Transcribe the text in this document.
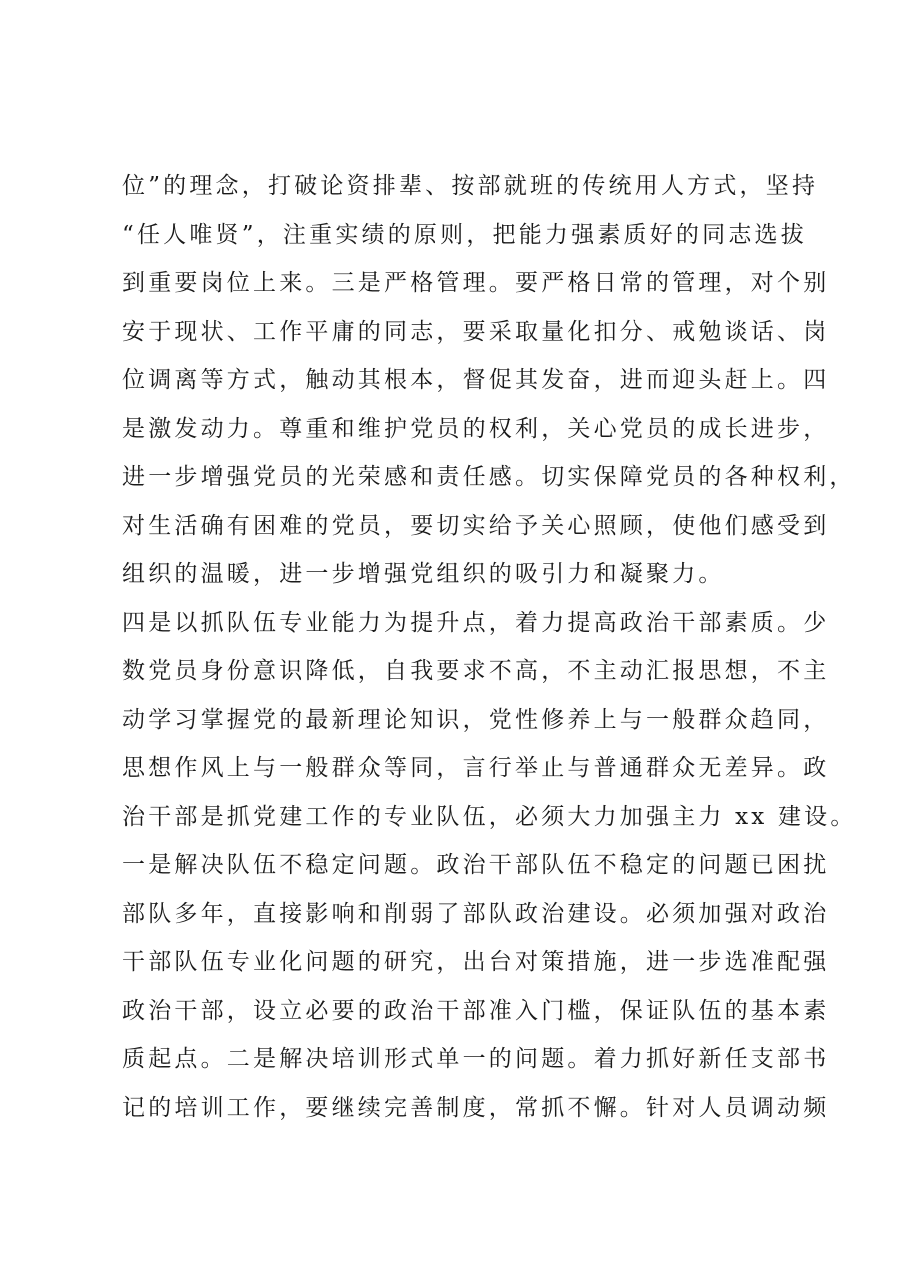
位”的理念，打破论资排辈、按部就班的传统用人方式，坚持
“任人唯贤”，注重实绩的原则，把能力强素质好的同志选拔
到重要岗位上来。三是严格管理。要严格日常的管理，对个别
安于现状、工作平庸的同志，要采取量化扣分、戒勉谈话、岗
位调离等方式，触动其根本，督促其发奋，进而迎头赶上。四
是激发动力。尊重和维护党员的权利，关心党员的成长进步，
进一步增强党员的光荣感和责任感。切实保障党员的各种权利，
对生活确有困难的党员，要切实给予关心照顾，使他们感受到
组织的温暖，进一步增强党组织的吸引力和凝聚力。
四是以抓队伍专业能力为提升点，着力提高政治干部素质。少
数党员身份意识降低，自我要求不高，不主动汇报思想，不主
动学习掌握党的最新理论知识，党性修养上与一般群众趋同，
思想作风上与一般群众等同，言行举止与普通群众无差异。政
治干部是抓党建工作的专业队伍，必须大力加强主力 xx 建设。
一是解决队伍不稳定问题。政治干部队伍不稳定的问题已困扰
部队多年，直接影响和削弱了部队政治建设。必须加强对政治
干部队伍专业化问题的研究，出台对策措施，进一步选准配强
政治干部，设立必要的政治干部准入门槛，保证队伍的基本素
质起点。二是解决培训形式单一的问题。着力抓好新任支部书
记的培训工作，要继续完善制度，常抓不懈。针对人员调动频
